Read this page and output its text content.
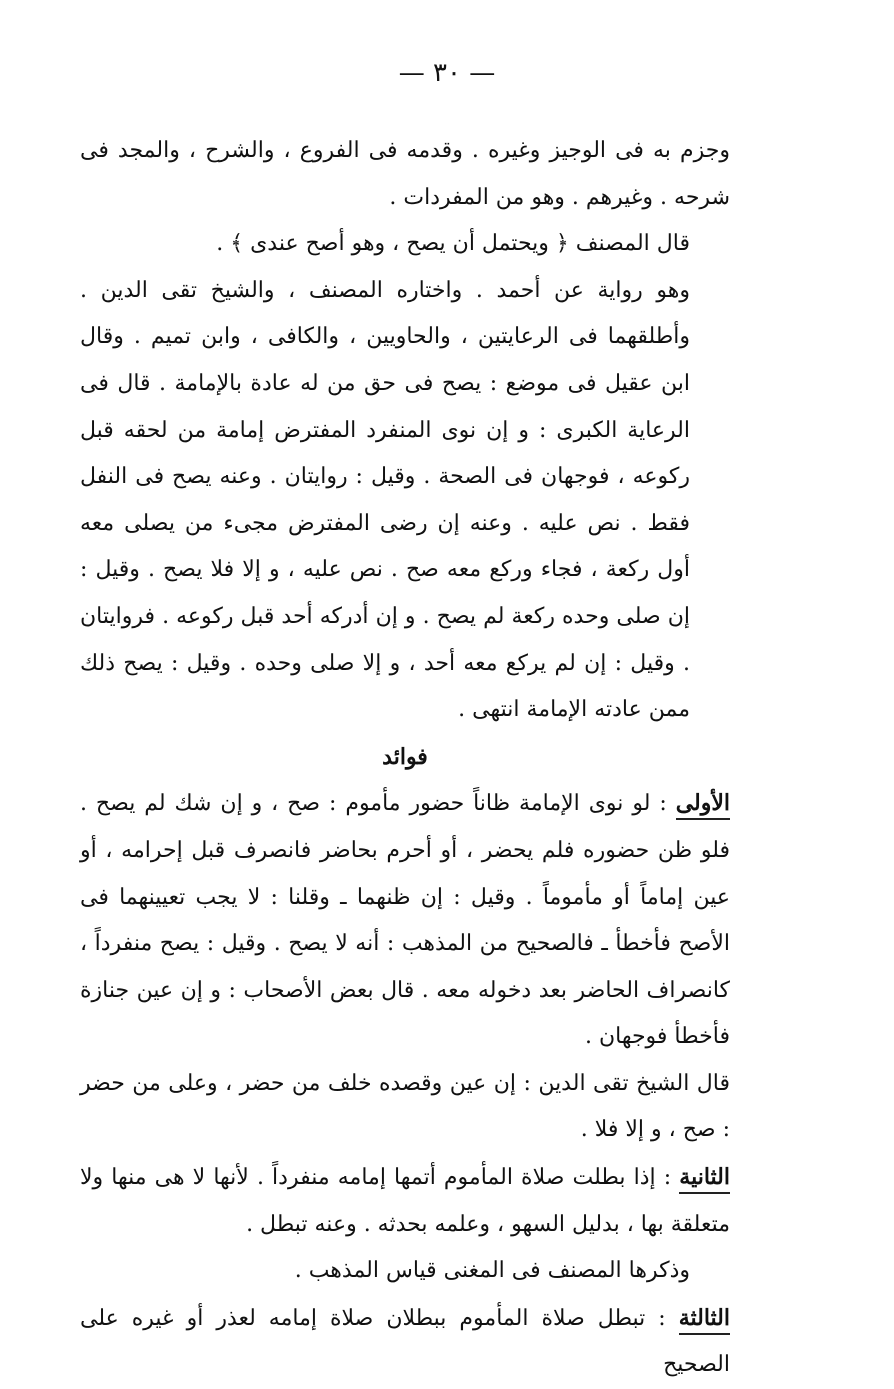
— ٣٠ —

وجزم به فى الوجيز وغيره . وقدمه فى الفروع ، والشرح ، والمجد فى شرحه . وغيرهم . وهو من المفردات .

قال المصنف ﴿ ويحتمل أن يصح ، وهو أصح عندى ﴾ .

وهو رواية عن أحمد . واختاره المصنف ، والشيخ تقى الدين . وأطلقهما فى الرعايتين ، والحاويين ، والكافى ، وابن تميم . وقال ابن عقيل فى موضع : يصح فى حق من له عادة بالإمامة . قال فى الرعاية الكبرى : و إن نوى المنفرد المفترض إمامة من لحقه قبل ركوعه ، فوجهان فى الصحة . وقيل : روايتان . وعنه يصح فى النفل فقط . نص عليه . وعنه إن رضى المفترض مجىء من يصلى معه أول ركعة ، فجاء وركع معه صح . نص عليه ، و إلا فلا يصح . وقيل : إن صلى وحده ركعة لم يصح . و إن أدركه أحد قبل ركوعه . فروايتان . وقيل : إن لم يركع معه أحد ، و إلا صلى وحده . وقيل : يصح ذلك ممن عادته الإمامة انتهى .

فوائد

الأولى : لو نوى الإمامة ظاناً حضور مأموم : صح ، و إن شك لم يصح . فلو ظن حضوره فلم يحضر ، أو أحرم بحاضر فانصرف قبل إحرامه ، أو عين إماماً أو مأموماً . وقيل : إن ظنهما ـ وقلنا : لا يجب تعيينهما فى الأصح فأخطأ ـ فالصحيح من المذهب : أنه لا يصح . وقيل : يصح منفرداً ، كانصراف الحاضر بعد دخوله معه . قال بعض الأصحاب : و إن عين جنازة فأخطأ فوجهان .

قال الشيخ تقى الدين : إن عين وقصده خلف من حضر ، وعلى من حضر : صح ، و إلا فلا .

الثانية : إذا بطلت صلاة المأموم أتمها إمامه منفرداً . لأنها لا هى منها ولا متعلقة بها ، بدليل السهو ، وعلمه بحدثه . وعنه تبطل .

وذكرها المصنف فى المغنى قياس المذهب .

الثالثة : تبطل صلاة المأموم ببطلان صلاة إمامه لعذر أو غيره على الصحيح
